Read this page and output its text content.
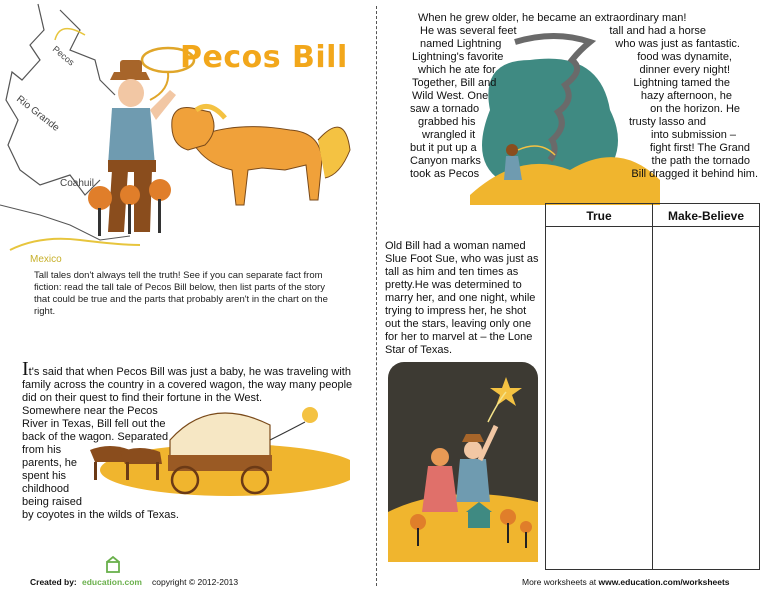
Pecos
Rio Grande
Coahuil
Mexico
Pecos Bill
Tall tales don't always tell the truth! See if you can separate fact from fiction: read the tall tale of Pecos Bill below, then list parts of the story that could be true and the parts that probably aren't in the chart on the right.
It's said that when Pecos Bill was just a baby, he was traveling with
family across the country in a covered wagon, the way many people
did on their quest to find their fortune in the West.
Somewhere near the Pecos
River in Texas, Bill fell out the
back of the wagon. Separated
from his
parents, he
spent his
childhood
being raised
by coyotes in the wilds of Texas.
When he grew older, he became an extraordinary man!
He was several feet
named Lightning
Lightning's favorite
which he ate for
Together, Bill and
Wild West. One
saw a tornado
grabbed his
wrangled it
but it put up a
Canyon marks
took as Pecos
tall and had a horse
who was just as fantastic.
food was dynamite,
dinner every night!
Lightning tamed the
hazy afternoon, he
on the horizon. He
trusty lasso and
into submission –
fight first! The Grand
the path the tornado
Bill dragged it behind him.
Old Bill had a woman named
Slue Foot Sue, who was just as
tall as him and ten times as
pretty.He was determined to
marry her, and one night, while
trying to impress her, he shot
out the stars, leaving only one
for her to marvel at – the Lone
Star of Texas.
True	Make-Believe
Created by: education.com copyright © 2012-2013	More worksheets at www.education.com/worksheets
